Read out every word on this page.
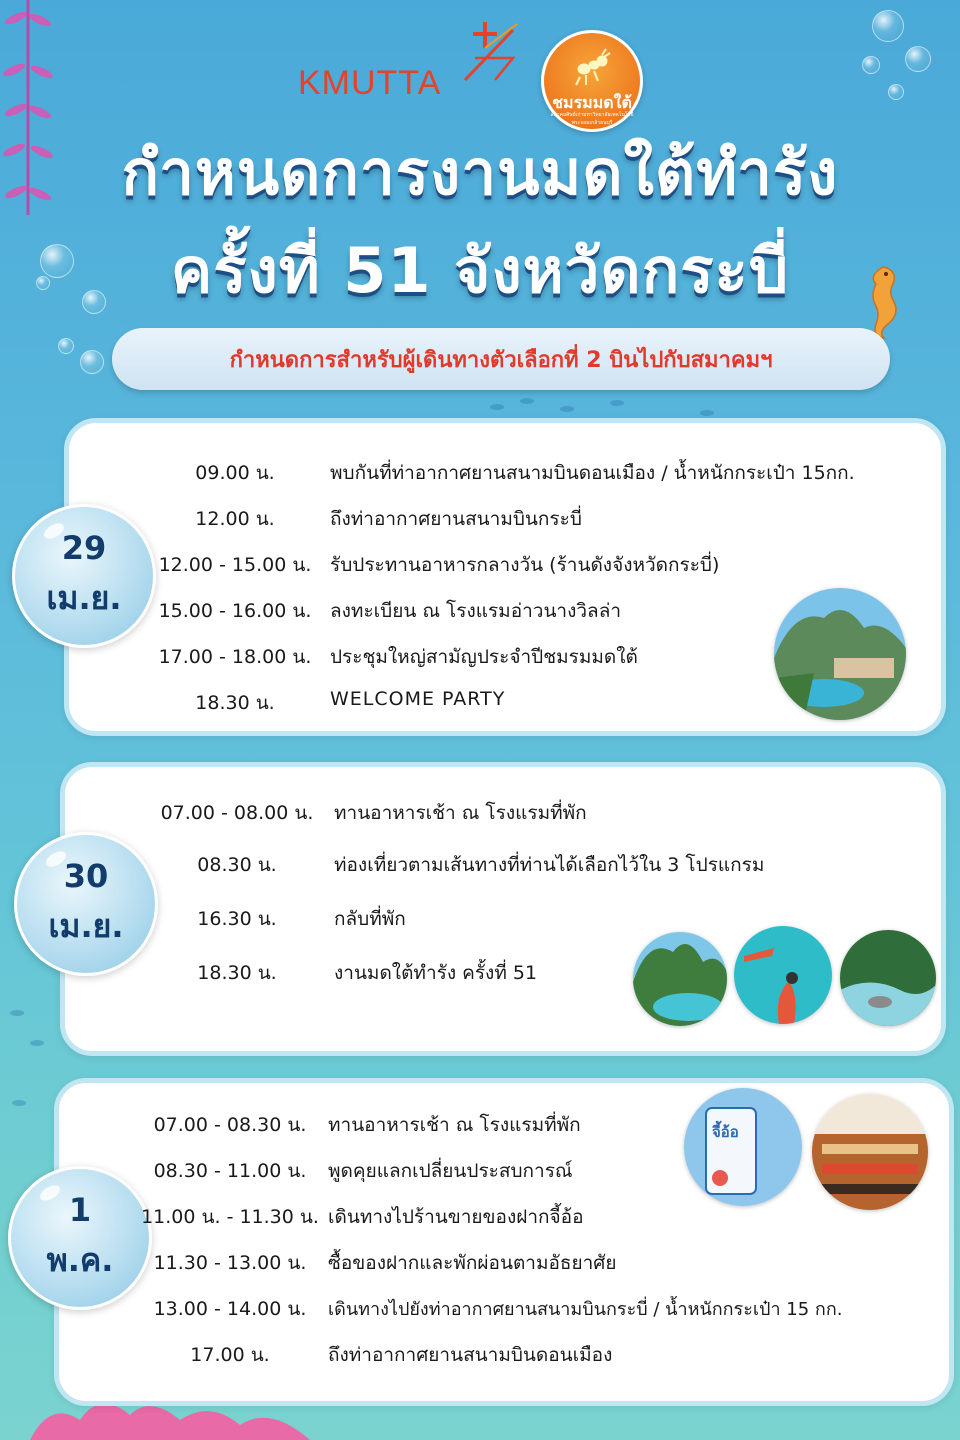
KMUTTA
ชมรมมดใต้
สมาคมศิษย์เก่ามหาวิทยาลัยเทคโนโลยีพระจอมเกล้าธนบุรี
กำหนดการงานมดใต้ทำรัง
ครั้งที่ 51 จังหวัดกระบี่
กำหนดการสำหรับผู้เดินทางตัวเลือกที่ 2 บินไปกับสมาคมฯ
29
เม.ย.
09.00 น.	พบกันที่ท่าอากาศยานสนามบินดอนเมือง / น้ำหนักกระเป๋า 15กก.
12.00 น.	ถึงท่าอากาศยานสนามบินกระบี่
12.00 - 15.00 น. รับประทานอาหารกลางวัน (ร้านดังจังหวัดกระบี่)
15.00 - 16.00 น. ลงทะเบียน ณ โรงแรมอ่าวนางวิลล่า
17.00 - 18.00 น. ประชุมใหญ่สามัญประจำปีชมรมมดใต้
18.30 น.	WELCOME PARTY
30
เม.ย.
07.00 - 08.00 น.	ทานอาหารเช้า ณ โรงแรมที่พัก
08.30 น.	ท่องเที่ยวตามเส้นทางที่ท่านได้เลือกไว้ใน 3 โปรแกรม
16.30 น.	กลับที่พัก
18.30 น.	งานมดใต้ทำรัง ครั้งที่ 51
1
พ.ค.
07.00 - 08.30 น.	ทานอาหารเช้า ณ โรงแรมที่พัก
08.30 - 11.00 น.	พูดคุยแลกเปลี่ยนประสบการณ์
11.00 น. - 11.30 น. เดินทางไปร้านขายของฝากจี้อ้อ
11.30 - 13.00 น.	ซื้อของฝากและพักผ่อนตามอัธยาศัย
13.00 - 14.00 น.	เดินทางไปยังท่าอากาศยานสนามบินกระบี่ / น้ำหนักกระเป๋า 15 กก.
17.00 น.	ถึงท่าอากาศยานสนามบินดอนเมือง
จี้อ้อ
